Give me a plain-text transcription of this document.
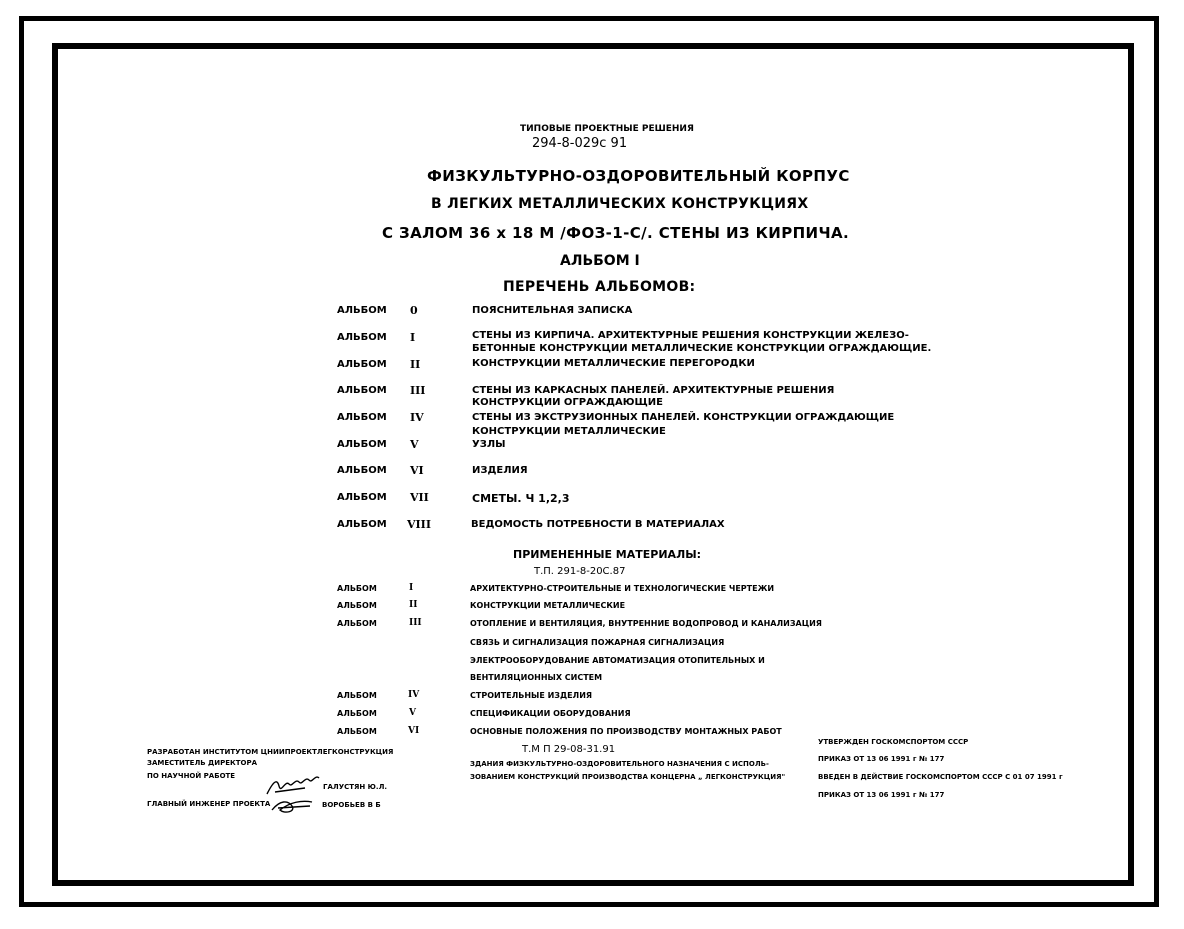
ТИПОВЫЕ ПРОЕКТНЫЕ РЕШЕНИЯ
294-8-029с 91
ФИЗКУЛЬТУРНО-ОЗДОРОВИТЕЛЬНЫЙ КОРПУС
В ЛЕГКИХ МЕТАЛЛИЧЕСКИХ КОНСТРУКЦИЯХ
С ЗАЛОМ 36 х 18 М /ФОЗ-1-С/. СТЕНЫ ИЗ КИРПИЧА.
АЛЬБОМ I
ПЕРЕЧЕНЬ АЛЬБОМОВ:
АЛЬБОМ 0	ПОЯСНИТЕЛЬНАЯ ЗАПИСКА
АЛЬБОМ I	СТЕНЫ ИЗ КИРПИЧА. АРХИТЕКТУРНЫЕ РЕШЕНИЯ КОНСТРУКЦИИ ЖЕЛЕЗО-
БЕТОННЫЕ КОНСТРУКЦИИ МЕТАЛЛИЧЕСКИЕ КОНСТРУКЦИИ ОГРАЖДАЮЩИЕ.
АЛЬБОМ II	КОНСТРУКЦИИ МЕТАЛЛИЧЕСКИЕ ПЕРЕГОРОДКИ
АЛЬБОМ III	СТЕНЫ ИЗ КАРКАСНЫХ ПАНЕЛЕЙ. АРХИТЕКТУРНЫЕ РЕШЕНИЯ
КОНСТРУКЦИИ ОГРАЖДАЮЩИЕ
АЛЬБОМ IV	СТЕНЫ ИЗ ЭКСТРУЗИОННЫХ ПАНЕЛЕЙ. КОНСТРУКЦИИ ОГРАЖДАЮЩИЕ
КОНСТРУКЦИИ МЕТАЛЛИЧЕСКИЕ
АЛЬБОМ V	УЗЛЫ
АЛЬБОМ VI	ИЗДЕЛИЯ
АЛЬБОМ VII	СМЕТЫ. Ч 1,2,3
АЛЬБОМ VIII	ВЕДОМОСТЬ ПОТРЕБНОСТИ В МАТЕРИАЛАХ
ПРИМЕНЕННЫЕ МАТЕРИАЛЫ:
Т.П. 291-8-20С.87
АЛЬБОМ	I	АРХИТЕКТУРНО-СТРОИТЕЛЬНЫЕ И ТЕХНОЛОГИЧЕСКИЕ ЧЕРТЕЖИ
АЛЬБОМ	II	КОНСТРУКЦИИ МЕТАЛЛИЧЕСКИЕ
АЛЬБОМ	III	ОТОПЛЕНИЕ И ВЕНТИЛЯЦИЯ, ВНУТРЕННИЕ ВОДОПРОВОД И КАНАЛИЗАЦИЯ
СВЯЗЬ И СИГНАЛИЗАЦИЯ ПОЖАРНАЯ СИГНАЛИЗАЦИЯ
ЭЛЕКТРООБОРУДОВАНИЕ АВТОМАТИЗАЦИЯ ОТОПИТЕЛЬНЫХ И
ВЕНТИЛЯЦИОННЫХ СИСТЕМ
АЛЬБОМ	IV	СТРОИТЕЛЬНЫЕ ИЗДЕЛИЯ
АЛЬБОМ	V	СПЕЦИФИКАЦИИ ОБОРУДОВАНИЯ
АЛЬБОМ	VI	ОСНОВНЫЕ ПОЛОЖЕНИЯ ПО ПРОИЗВОДСТВУ МОНТАЖНЫХ РАБОТ
Т.М П 29-08-31.91
ЗДАНИЯ ФИЗКУЛЬТУРНО-ОЗДОРОВИТЕЛЬНОГО НАЗНАЧЕНИЯ С ИСПОЛЬ-
ЗОВАНИЕМ КОНСТРУКЦИЙ ПРОИЗВОДСТВА КОНЦЕРНА „ ЛЕГКОНСТРУКЦИЯ"
РАЗРАБОТАН ИНСТИТУТОМ ЦНИИПРОЕКТЛЕГКОНСТРУКЦИЯ
ЗАМЕСТИТЕЛЬ ДИРЕКТОРА
ПО НАУЧНОЙ РАБОТЕ
ГАЛУСТЯН Ю.Л.
ГЛАВНЫЙ ИНЖЕНЕР ПРОЕКТА	ВОРОБЬЕВ В Б
УТВЕРЖДЕН ГОСКОМСПОРТОМ СССР
ПРИКАЗ ОТ 13 06 1991 г № 177
ВВЕДЕН В ДЕЙСТВИЕ ГОСКОМСПОРТОМ СССР С 01 07 1991 г
ПРИКАЗ ОТ 13 06 1991 г № 177
